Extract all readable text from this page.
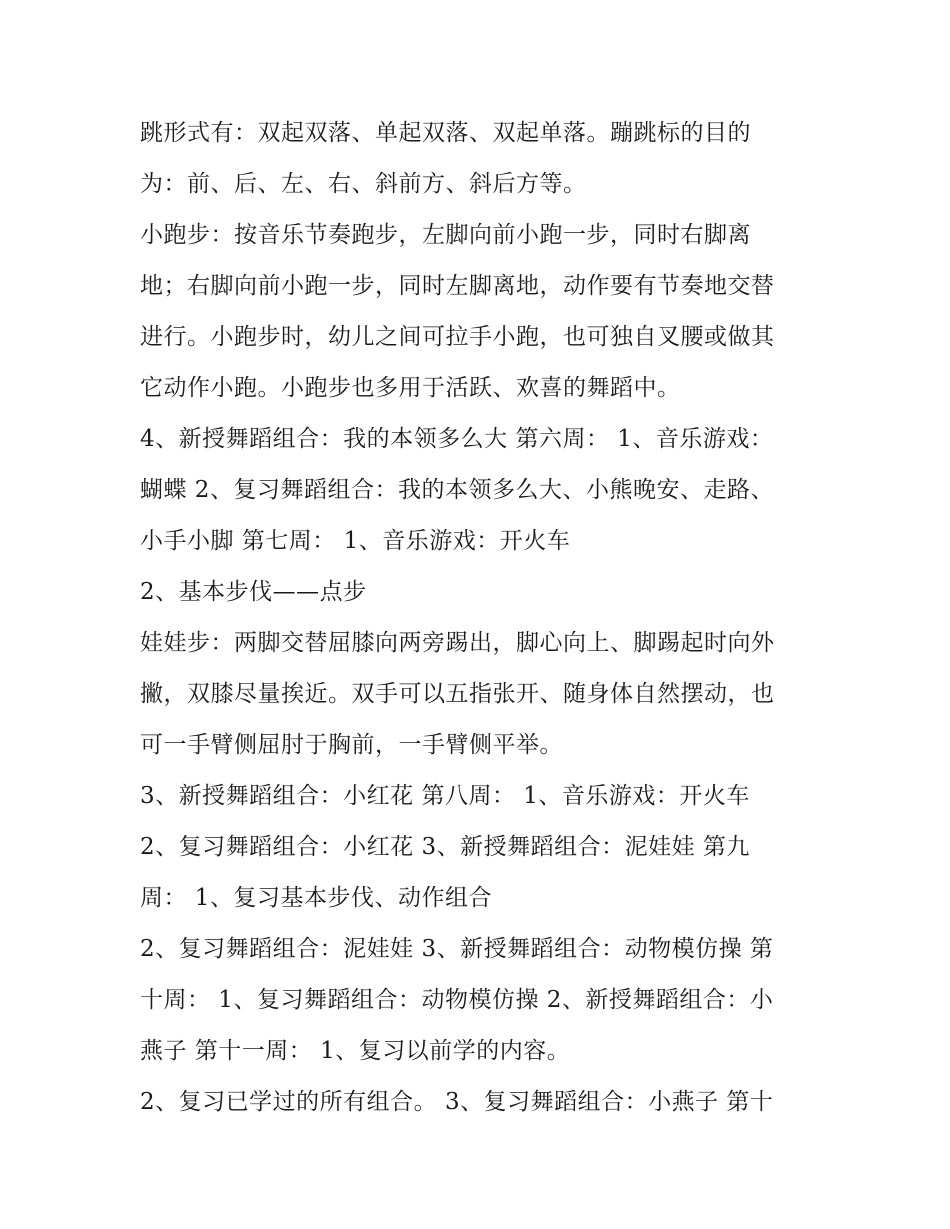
跳形式有：双起双落、单起双落、双起单落。蹦跳标的目的
为：前、后、左、右、斜前方、斜后方等。
小跑步：按音乐节奏跑步，左脚向前小跑一步，同时右脚离
地；右脚向前小跑一步，同时左脚离地，动作要有节奏地交替
进行。小跑步时，幼儿之间可拉手小跑，也可独自叉腰或做其
它动作小跑。小跑步也多用于活跃、欢喜的舞蹈中。
4、新授舞蹈组合：我的本领多么大 第六周： 1、音乐游戏：
蝴蝶 2、复习舞蹈组合：我的本领多么大、小熊晚安、走路、
小手小脚 第七周： 1、音乐游戏：开火车
2、基本步伐——点步
娃娃步：两脚交替屈膝向两旁踢出，脚心向上、脚踢起时向外
撇，双膝尽量挨近。双手可以五指张开、随身体自然摆动，也
可一手臂侧屈肘于胸前，一手臂侧平举。
3、新授舞蹈组合：小红花 第八周： 1、音乐游戏：开火车
2、复习舞蹈组合：小红花 3、新授舞蹈组合：泥娃娃 第九
周： 1、复习基本步伐、动作组合
2、复习舞蹈组合：泥娃娃 3、新授舞蹈组合：动物模仿操 第
十周： 1、复习舞蹈组合：动物模仿操 2、新授舞蹈组合：小
燕子 第十一周： 1、复习以前学的内容。
2、复习已学过的所有组合。 3、复习舞蹈组合：小燕子 第十
